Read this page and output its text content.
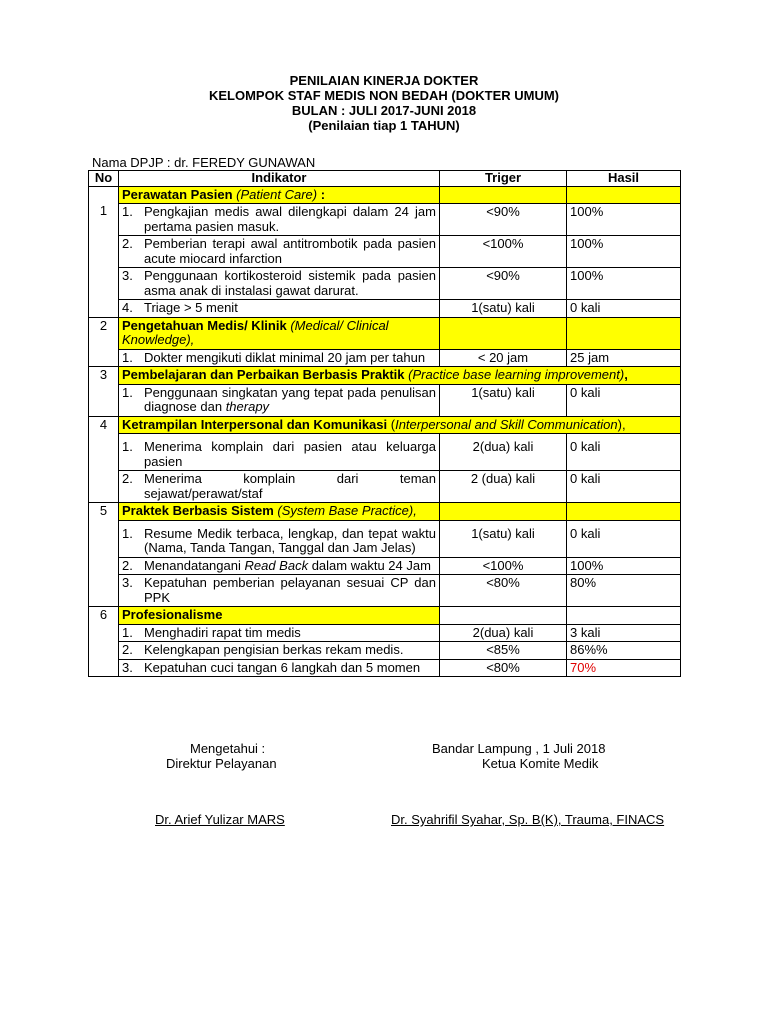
PENILAIAN KINERJA DOKTER
KELOMPOK STAF MEDIS NON BEDAH (DOKTER UMUM)
BULAN : JULI 2017-JUNI 2018
(Penilaian tiap 1 TAHUN)
Nama DPJP : dr. FEREDY GUNAWAN
No	Indikator	Triger	Hasil
1	Perawatan Pasien (Patient Care) :		

	1. Pengkajian medis awal dilengkapi dalam 24 jam pertama pasien masuk.	<90%	100%

	2. Pemberian terapi awal antitrombotik pada pasien acute miocard infarction	<100%	100%

	3. Penggunaan kortikosteroid sistemik pada pasien asma anak di instalasi gawat darurat.	<90%	100%

	4. Triage > 5 menit	1(satu) kali	0 kali
2	Pengetahuan Medis/ Klinik (Medical/ Clinical Knowledge),		

	1. Dokter mengikuti diklat minimal 20 jam per tahun	< 20 jam	25 jam
3	Pembelajaran dan Perbaikan Berbasis Praktik (Practice base learning improvement),		

	1. Penggunaan singkatan yang tepat pada penulisan diagnose dan therapy	1(satu) kali	0 kali
4	Ketrampilan Interpersonal dan Komunikasi (Interpersonal and Skill Communication),		

	1. Menerima komplain dari pasien atau keluarga pasien	2(dua) kali	0 kali

	2. Menerima komplain dari teman sejawat/perawat/staf	2 (dua) kali	0 kali
5	Praktek Berbasis Sistem (System Base Practice),		

	1. Resume Medik terbaca, lengkap, dan tepat waktu (Nama, Tanda Tangan, Tanggal dan Jam Jelas)	1(satu) kali	0 kali

	2. Menandatangani Read Back dalam waktu 24 Jam	<100%	100%

	3. Kepatuhan pemberian pelayanan sesuai CP dan PPK	<80%	80%
6	Profesionalisme		

	1. Menghadiri rapat tim medis	2(dua) kali	3 kali

	2. Kelengkapan pengisian berkas rekam medis.	<85%	86%%

	3. Kepatuhan cuci tangan 6 langkah dan 5 momen	<80%	70%
Mengetahui :
Direktur Pelayanan
Dr. Arief Yulizar MARS
Bandar Lampung , 1 Juli 2018
Ketua Komite Medik
Dr. Syahrifil Syahar, Sp. B(K), Trauma, FINACS
